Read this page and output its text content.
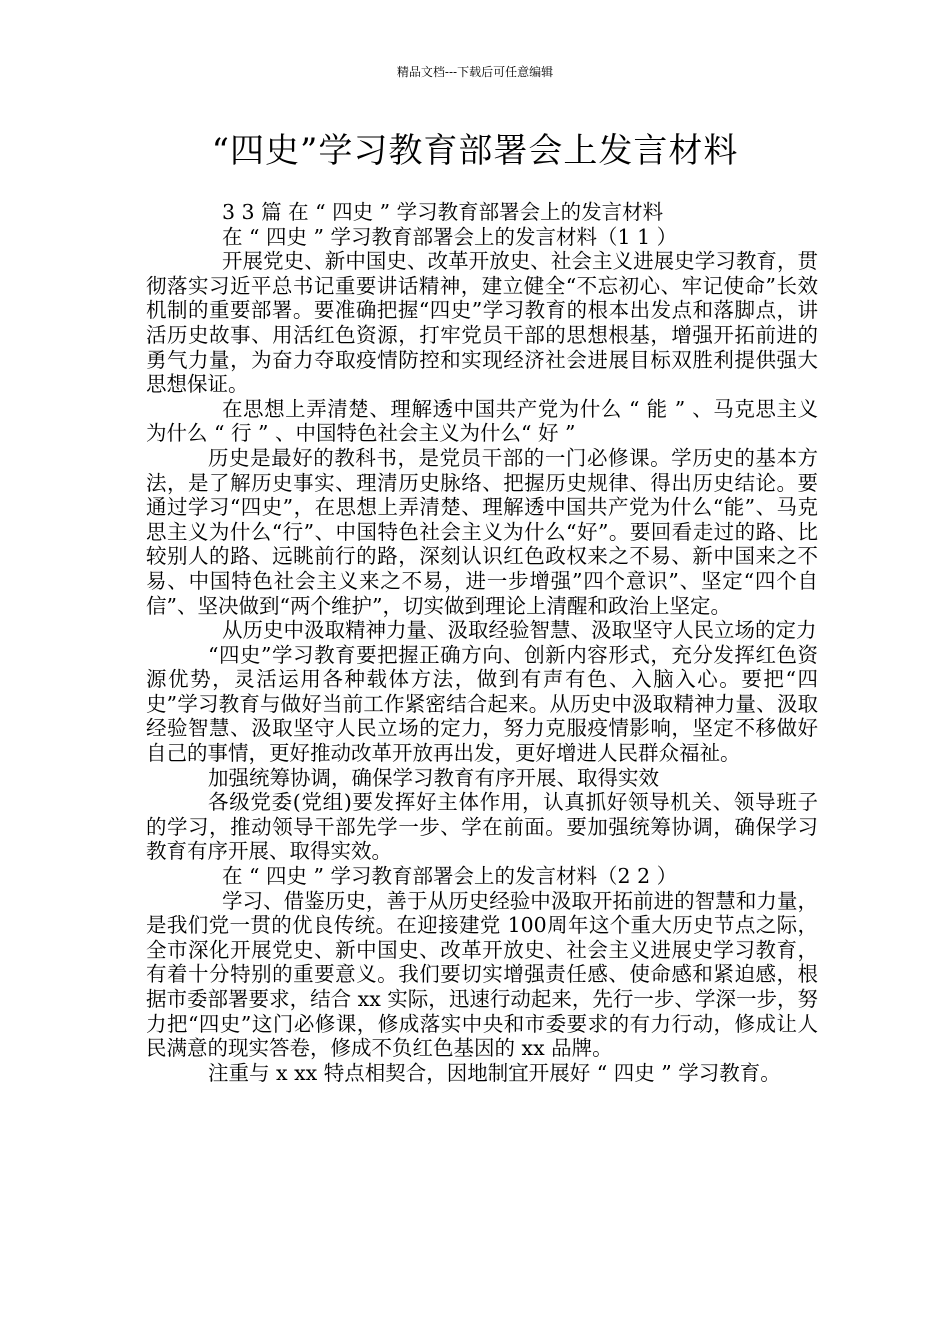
精品文档---下载后可任意编辑
“四史”学习教育部署会上发言材料

3 3 篇 在 “ 四史 ” 学习教育部署会上的发言材料

在 “ 四史 ” 学习教育部署会上的发言材料（1 1 ）

开展党史、新中国史、改革开放史、社会主义进展史学习教育，贯彻落实习近平总书记重要讲话精神，建立健全“不忘初心、牢记使命”长效机制的重要部署。要准确把握“四史”学习教育的根本出发点和落脚点，讲活历史故事、用活红色资源，打牢党员干部的思想根基，增强开拓前进的勇气力量，为奋力夺取疫情防控和实现经济社会进展目标双胜利提供强大思想保证。

在思想上弄清楚、理解透中国共产党为什么 “ 能 ” 、马克思主义为什么 “ 行 ” 、中国特色社会主义为什么“ 好 ”

历史是最好的教科书，是党员干部的一门必修课。学历史的基本方法，是了解历史事实、理清历史脉络、把握历史规律、得出历史结论。要通过学习“四史”，在思想上弄清楚、理解透中国共产党为什么“能”、马克思主义为什么“行”、中国特色社会主义为什么“好”。要回看走过的路、比较别人的路、远眺前行的路，深刻认识红色政权来之不易、新中国来之不易、中国特色社会主义来之不易，进一步增强”四个意识”、坚定“四个自信”、坚决做到“两个维护”，切实做到理论上清醒和政治上坚定。

从历史中汲取精神力量、汲取经验智慧、汲取坚守人民立场的定力

“四史”学习教育要把握正确方向、创新内容形式，充分发挥红色资源优势，灵活运用各种载体方法，做到有声有色、入脑入心。要把“四史”学习教育与做好当前工作紧密结合起来。从历史中汲取精神力量、汲取经验智慧、汲取坚守人民立场的定力，努力克服疫情影响，坚定不移做好自己的事情，更好推动改革开放再出发，更好增进人民群众福祉。

加强统筹协调，确保学习教育有序开展、取得实效

各级党委(党组)要发挥好主体作用，认真抓好领导机关、领导班子的学习，推动领导干部先学一步、学在前面。要加强统筹协调，确保学习教育有序开展、取得实效。

在 “ 四史 ” 学习教育部署会上的发言材料（2 2 ）

学习、借鉴历史，善于从历史经验中汲取开拓前进的智慧和力量，是我们党一贯的优良传统。在迎接建党 100周年这个重大历史节点之际，全市深化开展党史、新中国史、改革开放史、社会主义进展史学习教育，有着十分特别的重要意义。我们要切实增强责任感、使命感和紧迫感，根据市委部署要求，结合 xx 实际，迅速行动起来，先行一步、学深一步，努力把“四史”这门必修课，修成落实中央和市委要求的有力行动，修成让人民满意的现实答卷，修成不负红色基因的 xx 品牌。

注重与 x xx 特点相契合，因地制宜开展好 “ 四史 ” 学习教育。
